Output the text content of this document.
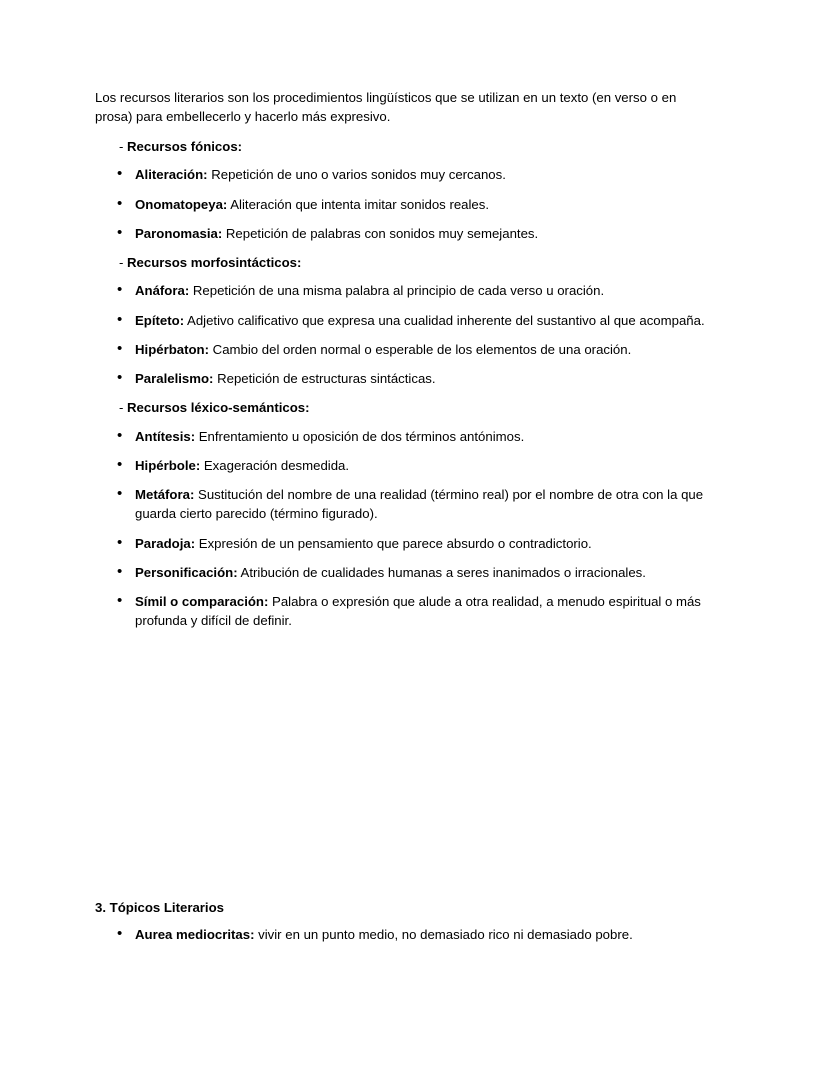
Los recursos literarios son los procedimientos lingüísticos que se utilizan en un texto (en verso o en prosa) para embellecerlo y hacerlo más expresivo.

- Recursos fónicos:
• Aliteración: Repetición de uno o varios sonidos muy cercanos.
• Onomatopeya: Aliteración que intenta imitar sonidos reales.
• Paronomasia: Repetición de palabras con sonidos muy semejantes.
- Recursos morfosintácticos:
• Anáfora: Repetición de una misma palabra al principio de cada verso u oración.
• Epíteto: Adjetivo calificativo que expresa una cualidad inherente del sustantivo al que acompaña.
• Hipérbaton: Cambio del orden normal o esperable de los elementos de una oración.
• Paralelismo: Repetición de estructuras sintácticas.
- Recursos léxico-semánticos:
• Antítesis: Enfrentamiento u oposición de dos términos antónimos.
• Hipérbole: Exageración desmedida.
• Metáfora: Sustitución del nombre de una realidad (término real) por el nombre de otra con la que guarda cierto parecido (término figurado).
• Paradoja: Expresión de un pensamiento que parece absurdo o contradictorio.
• Personificación: Atribución de cualidades humanas a seres inanimados o irracionales.
• Símil o comparación: Palabra o expresión que alude a otra realidad, a menudo espiritual o más profunda y difícil de definir.
3. Tópicos Literarios
• Aurea mediocritas: vivir en un punto medio, no demasiado rico ni demasiado pobre.
